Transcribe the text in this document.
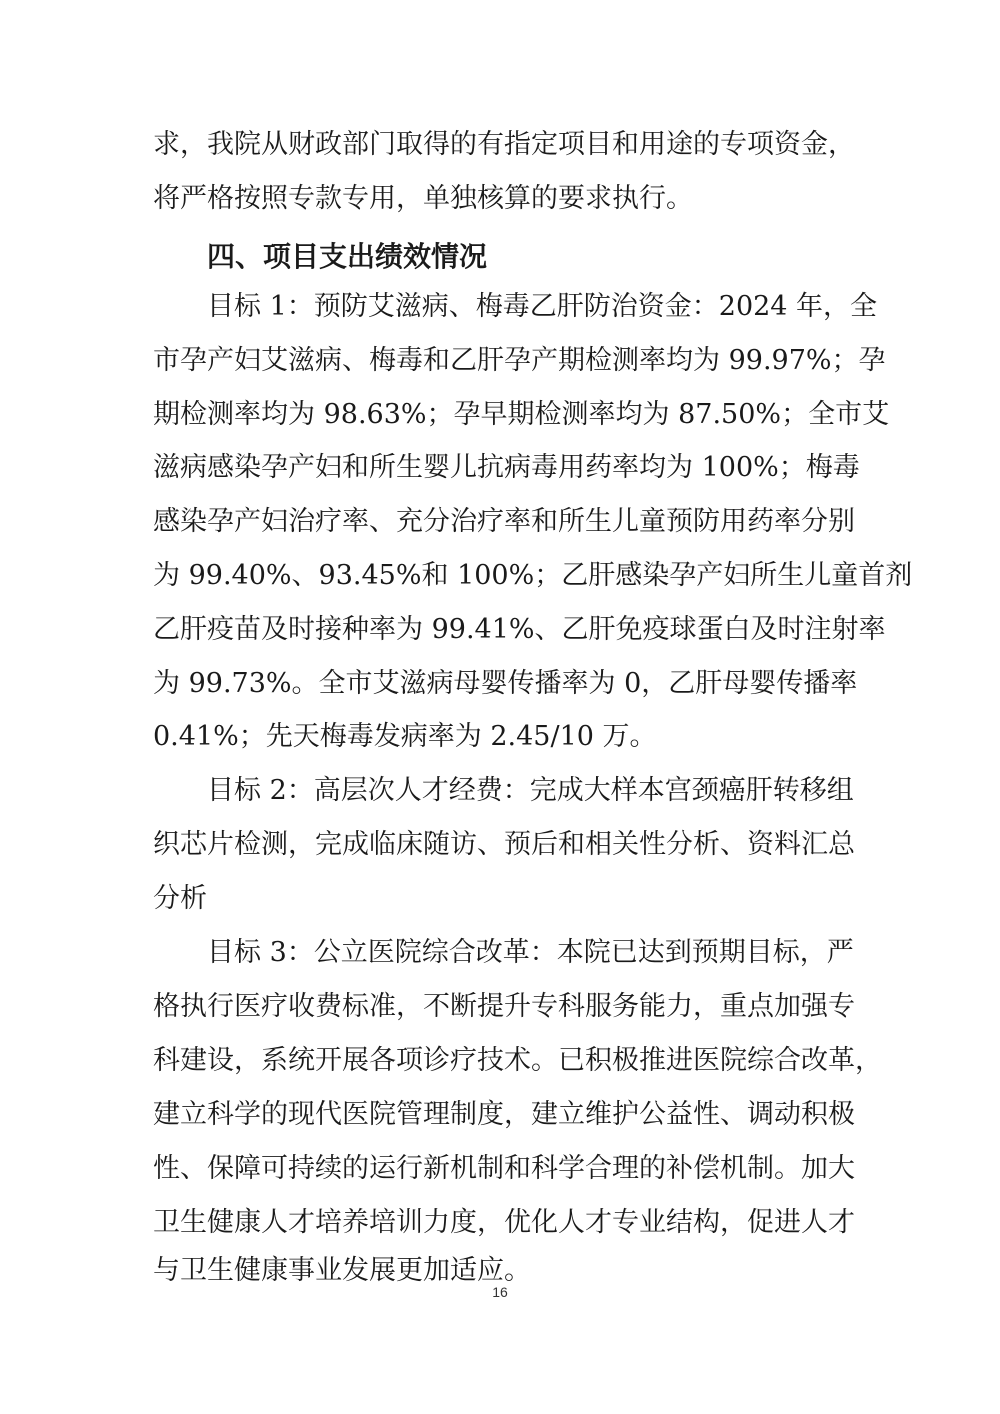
求，我院从财政部门取得的有指定项目和用途的专项资金，
将严格按照专款专用，单独核算的要求执行。
四、项目支出绩效情况
目标 1：预防艾滋病、梅毒乙肝防治资金：2024 年，全
市孕产妇艾滋病、梅毒和乙肝孕产期检测率均为 99.97%；孕
期检测率均为 98.63%；孕早期检测率均为 87.50%；全市艾
滋病感染孕产妇和所生婴儿抗病毒用药率均为 100%；梅毒
感染孕产妇治疗率、充分治疗率和所生儿童预防用药率分别
为 99.40%、93.45%和 100%；乙肝感染孕产妇所生儿童首剂
乙肝疫苗及时接种率为 99.41%、乙肝免疫球蛋白及时注射率
为 99.73%。全市艾滋病母婴传播率为 0，乙肝母婴传播率
0.41%；先天梅毒发病率为 2.45/10 万。
目标 2：高层次人才经费：完成大样本宫颈癌肝转移组
织芯片检测，完成临床随访、预后和相关性分析、资料汇总
分析
目标 3：公立医院综合改革：本院已达到预期目标，严
格执行医疗收费标准，不断提升专科服务能力，重点加强专
科建设，系统开展各项诊疗技术。已积极推进医院综合改革，
建立科学的现代医院管理制度，建立维护公益性、调动积极
性、保障可持续的运行新机制和科学合理的补偿机制。加大
卫生健康人才培养培训力度，优化人才专业结构，促进人才
与卫生健康事业发展更加适应。
16
